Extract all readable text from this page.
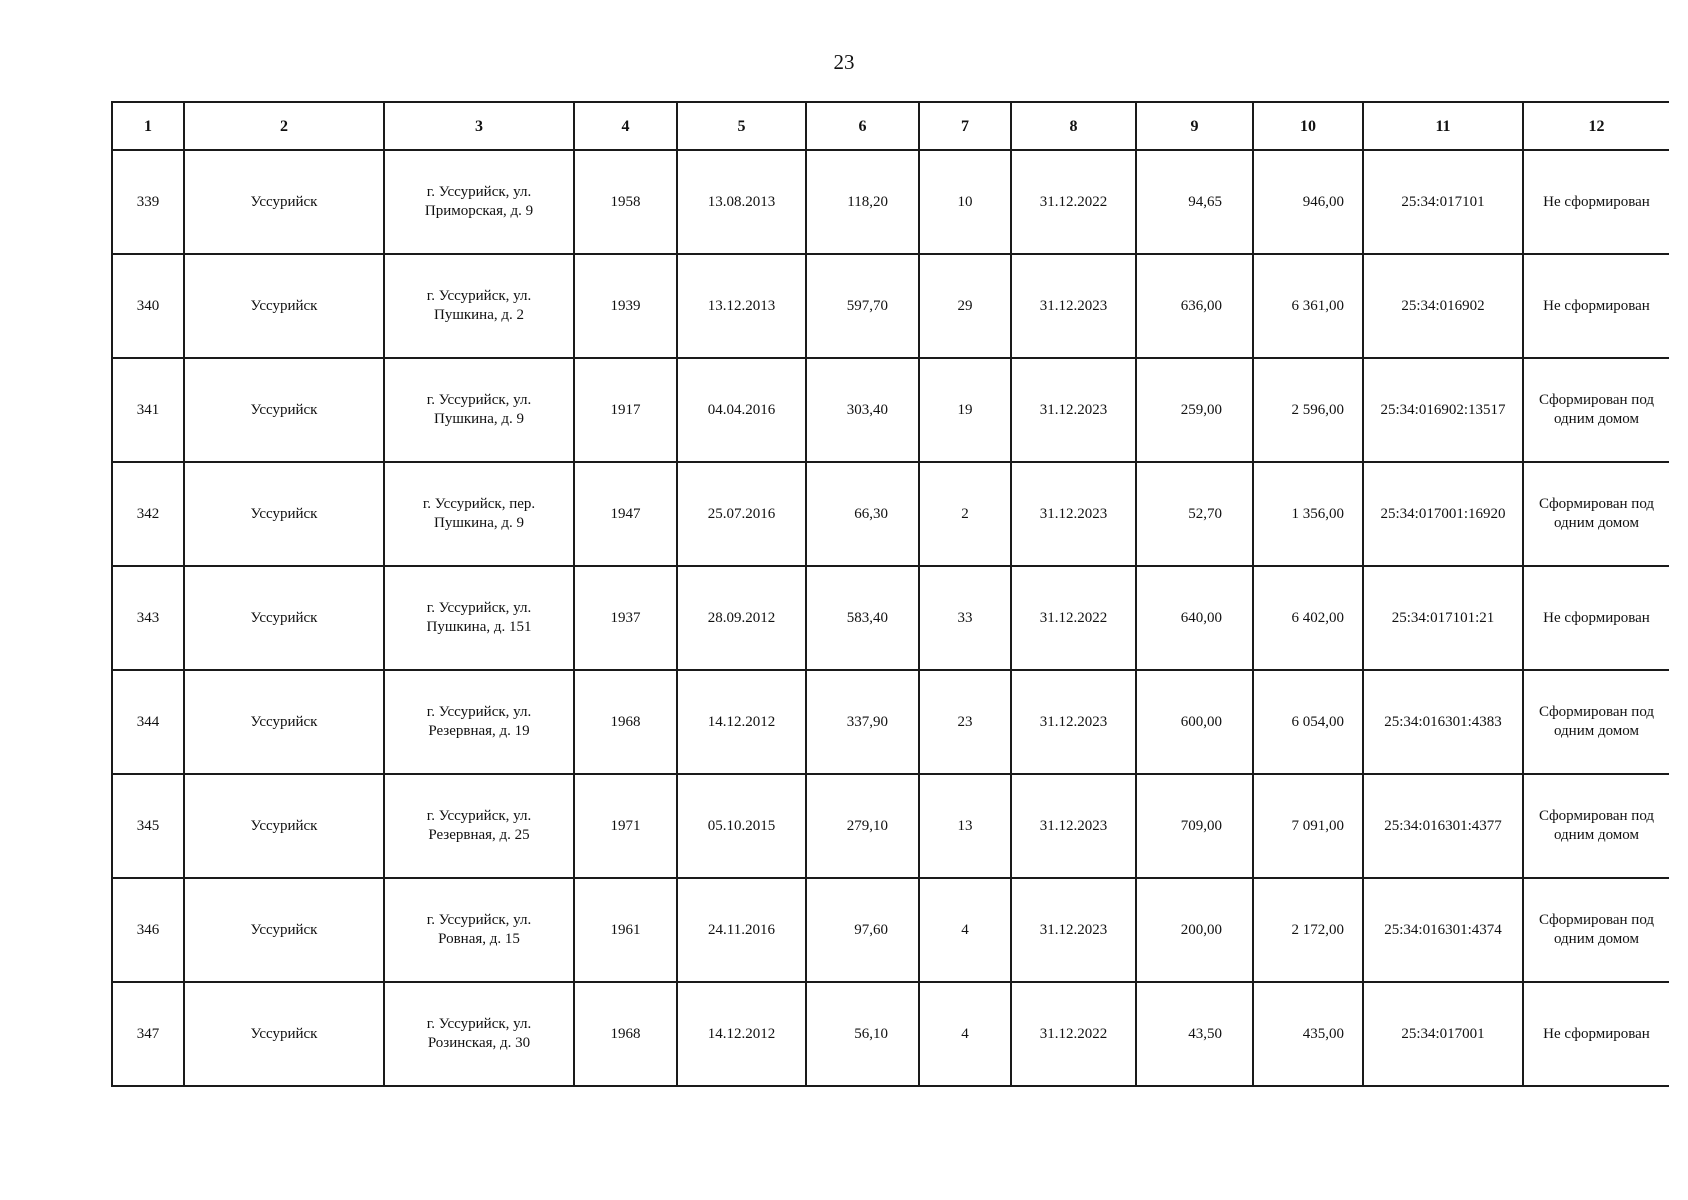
23
1	2	3	4	5	6	7	8	9	10	11	12
339	Уссурийск	г. Уссурийск, ул.
Приморская, д. 9	1958	13.08.2013	118,20	10	31.12.2022	94,65	946,00	25:34:017101	Не сформирован

340	Уссурийск	г. Уссурийск, ул.
Пушкина, д. 2	1939	13.12.2013	597,70	29	31.12.2023	636,00	6 361,00	25:34:016902	Не сформирован

341	Уссурийск	г. Уссурийск, ул.
Пушкина, д. 9	1917	04.04.2016	303,40	19	31.12.2023	259,00	2 596,00	25:34:016902:13517	Сформирован под
одним домом
342	Уссурийск	г. Уссурийск, пер.
Пушкина, д. 9	1947	25.07.2016	66,30	2	31.12.2023	52,70	1 356,00	25:34:017001:16920	Сформирован под
одним домом
343	Уссурийск	г. Уссурийск, ул.
Пушкина, д. 151	1937	28.09.2012	583,40	33	31.12.2022	640,00	6 402,00	25:34:017101:21	Не сформирован

344	Уссурийск	г. Уссурийск, ул.
Резервная, д. 19	1968	14.12.2012	337,90	23	31.12.2023	600,00	6 054,00	25:34:016301:4383	Сформирован под
одним домом
345	Уссурийск	г. Уссурийск, ул.
Резервная, д. 25	1971	05.10.2015	279,10	13	31.12.2023	709,00	7 091,00	25:34:016301:4377	Сформирован под
одним домом
346	Уссурийск	г. Уссурийск, ул.
Ровная, д. 15	1961	24.11.2016	97,60	4	31.12.2023	200,00	2 172,00	25:34:016301:4374	Сформирован под
одним домом
347	Уссурийск	г. Уссурийск, ул.
Розинская, д. 30	1968	14.12.2012	56,10	4	31.12.2022	43,50	435,00	25:34:017001	Не сформирован
